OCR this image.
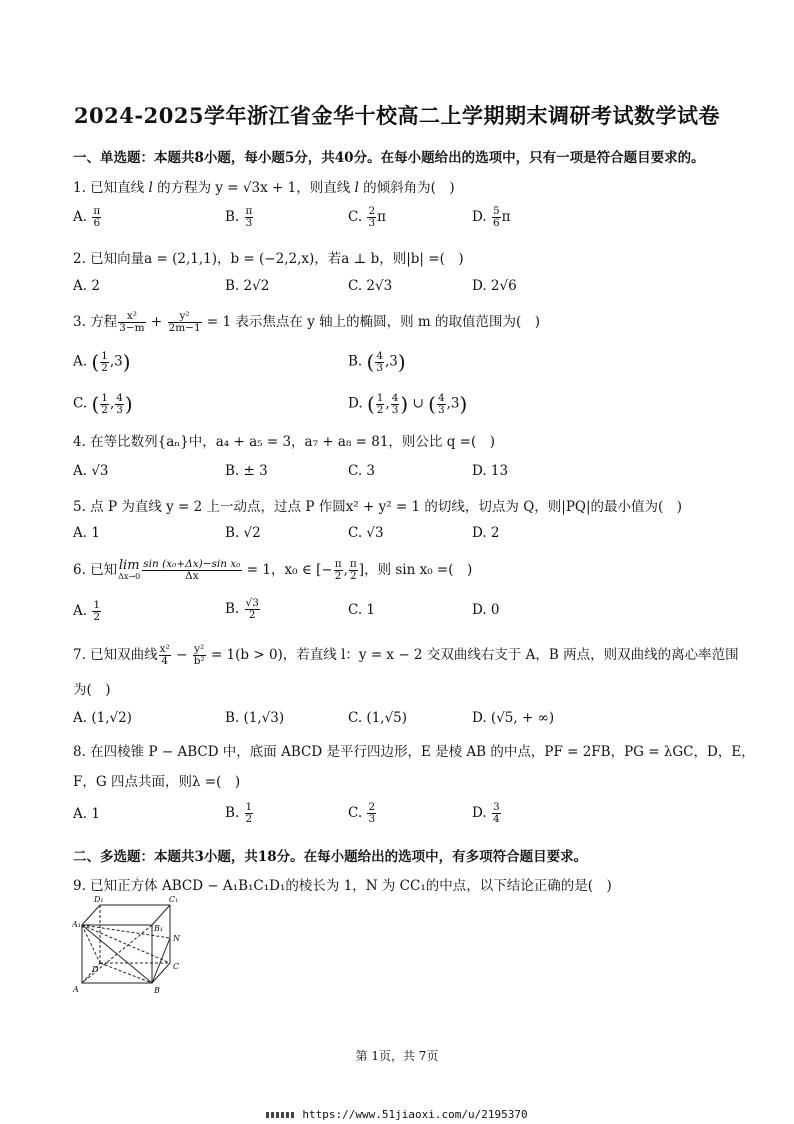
2024-2025学年浙江省金华十校高二上学期期末调研考试数学试卷
一、单选题：本题共8小题，每小题5分，共40分。在每小题给出的选项中，只有一项是符合题目要求的。
1. 已知直线 l 的方程为 y = √3x + 1，则直线 l 的倾斜角为(　)
A. $\frac{\pi}{6}$	B. $\frac{\pi}{3}$	C. $\frac{2}{3}$ π	D. $\frac{5}{6}$ π
2. 已知向量a = (2,1,1)，b = (−2,2,x)，若a ⊥ b，则|b| =(　)
A. 2	B. 2√2	C. 2√3	D. 2√6
3. 方程 $\frac{\text{x²}}{3-m} + \frac{\text{y²}}{2m-1} = 1$ 表示焦点在 y 轴上的椭圆，则 m 的取值范围为(　)
A. ( $\frac{1}{2} ,3$)	B. ( $\frac{4}{3} ,3$)
C. ( $\frac{1}{2}$ , $\frac{4}{3}$ )	D. ( $\frac{1}{2}$ , $\frac{4}{3}$ ) ∪ ( $\frac{4}{3} ,3$)
4. 在等比数列{aₙ}中，a₄ + a₅ = 3，a₇ + a₈ = 81，则公比 q =(　)
A. √3	B. ± 3	C. 3	D. 13
5. 点 P 为直线 y = 2 上一动点，过点 P 作圆x² + y² = 1 的切线，切点为 Q，则|PQ|的最小值为(　)
A. 1	B. √2	C. √3	D. 2
6. 已知 lim
$\Delta x\to 0 \frac{\text{sin (x₀+Δx)−sin x₀}}{\Delta x} = 1$，x₀ ∈ [− $\frac{\pi}{2}$ , $\frac{\pi}{2}$ ]，则 sin x₀ =(　)
A. $\frac{1}{2}$	B. $\frac{√3}{2}$	C. 1	D. 0
7. 已知双曲线 $\frac{\text{x²}}{4} - \frac{\text{y²}}{\text{b²}} = 1(b > 0)$，若直线 l：y = x − 2 交双曲线右支于 A，B 两点，则双曲线的离心率范围
为(　)
A. (1,√2)	B. (1,√3)	C. (1,√5)	D. (√5, + ∞)
8. 在四棱锥 P − ABCD 中，底面 ABCD 是平行四边形，E 是棱 AB 的中点，PF = 2FB，PG = λGC，D，E，
F，G 四点共面，则λ =(　)
A. 1	B. $\frac{1}{2}$	C. $\frac{2}{3}$	D. $\frac{3}{4}$
二、多选题：本题共3小题，共18分。在每小题给出的选项中，有多项符合题目要求。
9. 已知正方体 ABCD − A₁B₁C₁D₁的棱长为 1，N 为 CC₁的中点，以下结论正确的是(　)
D₁	C₁
A₁	B₁
N
D	C
A	B
第 1页，共 7页
https://www.51jiaoxi.com/u/2195370
